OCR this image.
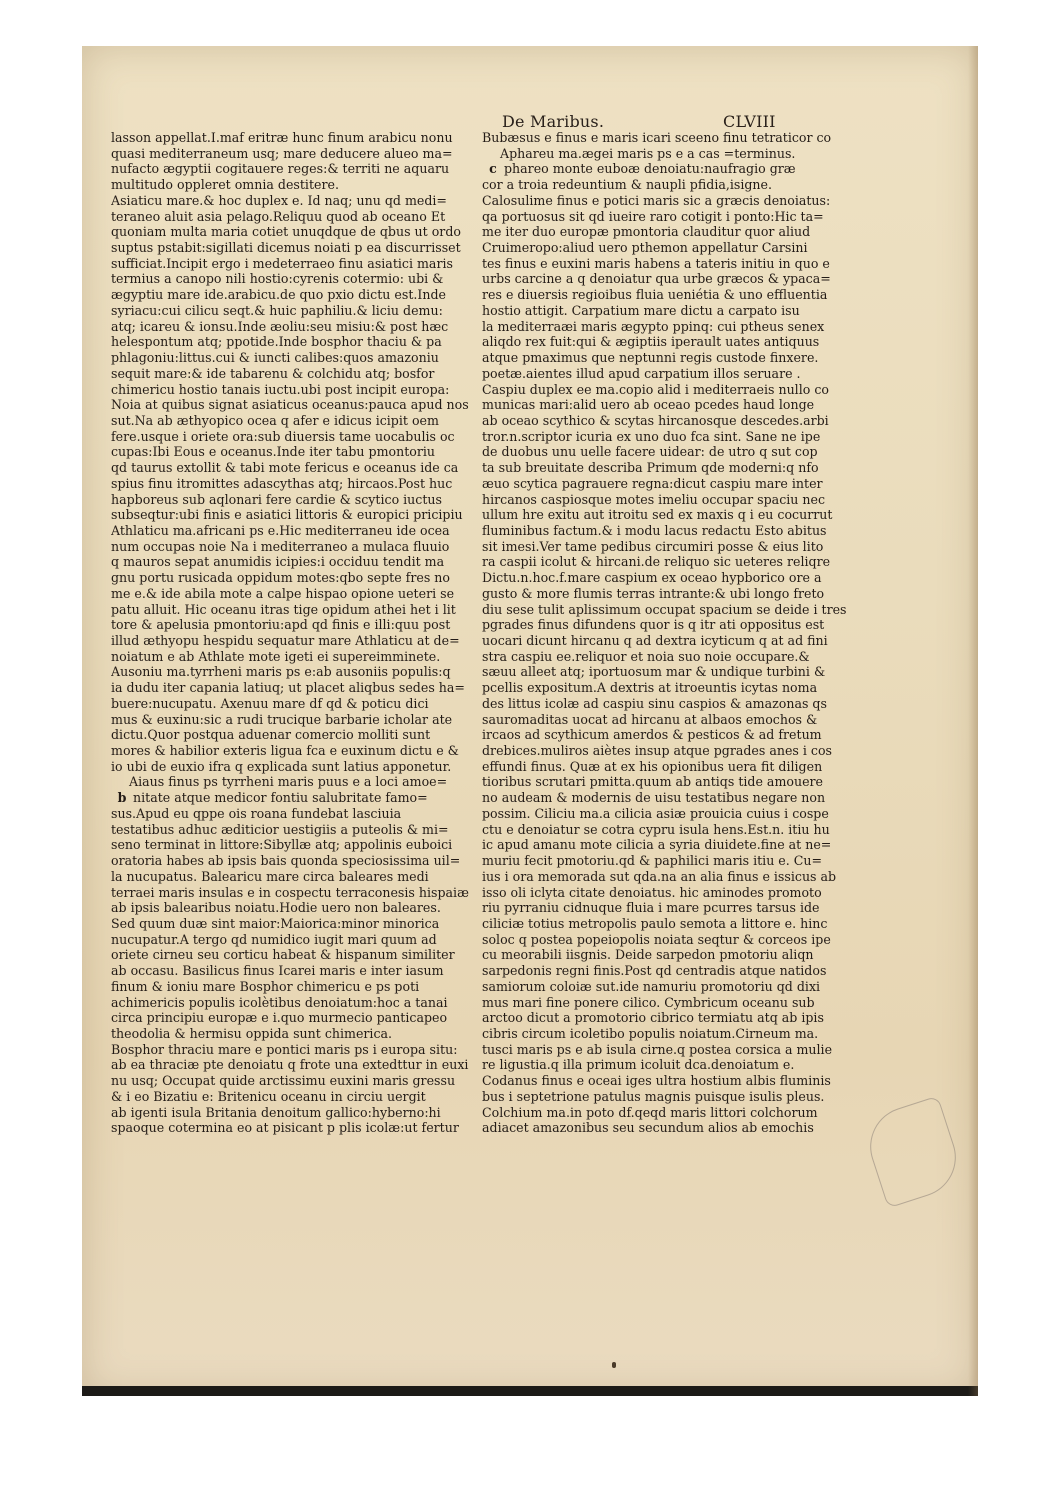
De Maribus.	CLVIII
lasson appellat.I.maf eritræ hunc finum arabicu nonu
quasi mediterraneum usq; mare deducere alueo ma=
nufacto ægyptii cogitauere reges:& territi ne aquaru
multitudo oppleret omnia destitere.
Asiaticu mare.& hoc duplex e. Id naq; unu qd medi=
teraneo aluit asia pelago.Reliquu quod ab oceano Et
quoniam multa maria cotiet unuqdque de qbus ut ordo
suptus pstabit:sigillati dicemus noiati p ea discurrisset
sufficiat.Incipit ergo i medeterraeo finu asiatici maris
termius a canopo nili hostio:cyrenis cotermio: ubi &
ægyptiu mare ide.arabicu.de quo pxio dictu est.Inde
syriacu:cui cilicu seqt.& huic paphiliu.& liciu demu:
atq; icareu & ionsu.Inde æoliu:seu misiu:& post hæc
helespontum atq; ppotide.Inde bosphor thaciu & pa
phlagoniu:littus.cui & iuncti calibes:quos amazoniu
sequit mare:& ide tabarenu & colchidu atq; bosfor
chimericu hostio tanais iuctu.ubi post incipit europa:
Noia at quibus signat asiaticus oceanus:pauca apud nos
sut.Na ab æthyopico ocea q afer e idicus icipit oem
fere.usque i oriete ora:sub diuersis tame uocabulis oc
cupas:Ibi Eous e oceanus.Inde iter tabu pmontoriu
qd taurus extollit & tabi mote fericus e oceanus ide ca
spius finu itromittes adascythas atq; hircaos.Post huc
hapboreus sub aqlonari fere cardie & scytico iuctus
subseqtur:ubi finis e asiatici littoris & europici pricipiu
Athlaticu ma.africani ps e.Hic mediterraneu ide ocea
num occupas noie Na i mediterraneo a mulaca fluuio
q mauros sepat anumidis icipies:i occiduu tendit ma
gnu portu rusicada oppidum motes:qbo septe fres no
me e.& ide abila mote a calpe hispao opione ueteri se
patu alluit. Hic oceanu itras tige opidum athei het i lit
tore & apelusia pmontoriu:apd qd finis e illi:quu post
illud æthyopu hespidu sequatur mare Athlaticu at de=
noiatum e ab Athlate mote igeti ei supereimminete.
Ausoniu ma.tyrrheni maris ps e:ab ausoniis populis:q
ia dudu iter capania latiuq; ut placet aliqbus sedes ha=
buere:nucupatu. Axenuu mare df qd & poticu dici
mus & euxinu:sic a rudi trucique barbarie icholar ate
dictu.Quor postqua aduenar comercio molliti sunt
mores & habilior exteris ligua fca e euxinum dictu e &
io ubi de euxio ifra q explicada sunt latius apponetur.
Aiaus finus ps tyrrheni maris puus e a loci amoe=
b nitate atque medicor fontiu salubritate famo=
sus.Apud eu qppe ois roana fundebat lasciuia
testatibus adhuc æditicior uestigiis a puteolis & mi=
seno terminat in littore:Sibyllæ atq; appolinis euboici
oratoria habes ab ipsis bais quonda speciosissima uil=
la nucupatus. Balearicu mare circa baleares medi
terraei maris insulas e in cospectu terraconesis hispaiæ
ab ipsis balearibus noiatu.Hodie uero non baleares.
Sed quum duæ sint maior:Maiorica:minor minorica
nucupatur.A tergo qd numidico iugit mari quum ad
oriete cirneu seu corticu habeat & hispanum similiter
ab occasu. Basilicus finus Icarei maris e inter iasum
finum & ioniu mare Bosphor chimericu e ps poti
achimericis populis icolètibus denoiatum:hoc a tanai
circa principiu europæ e i.quo murmecio panticapeo
theodolia & hermisu oppida sunt chimerica.
Bosphor thraciu mare e pontici maris ps i europa situ:
ab ea thraciæ pte denoiatu q frote una extedttur in euxi
nu usq; Occupat quide arctissimu euxini maris gressu
& i eo Bizatiu e: Britenicu oceanu in circiu uergit
ab igenti isula Britania denoitum gallico:hyberno:hi
spaoque cotermina eo at pisicant p plis icolæ:ut fertur
Bubæsus e finus e maris icari sceeno finu tetraticor co
Aphareu ma.ægei maris ps e a cas =terminus.
c phareo monte euboæ denoiatu:naufragio græ
cor a troia redeuntium & naupli pfidia,isigne.
Calosulime finus e potici maris sic a græcis denoiatus:
qa portuosus sit qd iueire raro cotigit i ponto:Hic ta=
me iter duo europæ pmontoria clauditur quor aliud
Cruimeropo:aliud uero pthemon appellatur Carsini
tes finus e euxini maris habens a tateris initiu in quo e
urbs carcine a q denoiatur qua urbe græcos & ypaca=
res e diuersis regioibus fluia ueniétia & uno effluentia
hostio attigit. Carpatium mare dictu a carpato isu
la mediterraæi maris ægypto ppinq: cui ptheus senex
aliqdo rex fuit:qui & ægiptiis iperault uates antiquus
atque pmaximus que neptunni regis custode finxere.
poetæ.aientes illud apud carpatium illos seruare .
Caspiu duplex ee ma.copio alid i mediterraeis nullo co
municas mari:alid uero ab oceao pcedes haud longe
ab oceao scythico & scytas hircanosque descedes.arbi
tror.n.scriptor icuria ex uno duo fca sint. Sane ne ipe
de duobus unu uelle facere uidear: de utro q sut cop
ta sub breuitate describa Primum qde moderni:q nfo
æuo scytica pagrauere regna:dicut caspiu mare inter
hircanos caspiosque motes imeliu occupar spaciu nec
ullum hre exitu aut itroitu sed ex maxis q i eu cocurrut
fluminibus factum.& i modu lacus redactu Esto abitus
sit imesi.Ver tame pedibus circumiri posse & eius lito
ra caspii icolut & hircani.de reliquo sic ueteres reliqre
Dictu.n.hoc.f.mare caspium ex oceao hypborico ore a
gusto & more flumis terras intrante:& ubi longo freto
diu sese tulit aplissimum occupat spacium se deide i tres
pgrades finus difundens quor is q itr ati oppositus est
uocari dicunt hircanu q ad dextra icyticum q at ad fini
stra caspiu ee.reliquor et noia suo noie occupare.&
sæuu alleet atq; iportuosum mar & undique turbini &
pcellis expositum.A dextris at itroeuntis icytas noma
des littus icolæ ad caspiu sinu caspios & amazonas qs
sauromaditas uocat ad hircanu at albaos emochos &
ircaos ad scythicum amerdos & pesticos & ad fretum
drebices.muliros aiètes insup atque pgrades anes i cos
effundi finus. Quæ at ex his opionibus uera fit diligen
tioribus scrutari pmitta.quum ab antiqs tide amouere
no audeam & modernis de uisu testatibus negare non
possim. Ciliciu ma.a cilicia asiæ prouicia cuius i cospe
ctu e denoiatur se cotra cypru isula hens.Est.n. itiu hu
ic apud amanu mote cilicia a syria diuidete.fine at ne=
muriu fecit pmotoriu.qd & paphilici maris itiu e. Cu=
ius i ora memorada sut qda.na an alia finus e issicus ab
isso oli iclyta citate denoiatus. hic aminodes promoto
riu pyrraniu cidnuque fluia i mare pcurres tarsus ide
ciliciæ totius metropolis paulo semota a littore e. hinc
soloc q postea popeiopolis noiata seqtur & corceos ipe
cu meorabili iisgnis. Deide sarpedon pmotoriu aliqn
sarpedonis regni finis.Post qd centradis atque natidos
samiorum coloiæ sut.ide namuriu promotoriu qd dixi
mus mari fine ponere cilico. Cymbricum oceanu sub
arctoo dicut a promotorio cibrico termiatu atq ab ipis
cibris circum icoletibo populis noiatum.Cirneum ma.
tusci maris ps e ab isula cirne.q postea corsica a mulie
re ligustia.q illa primum icoluit dca.denoiatum e.
Codanus finus e oceai iges ultra hostium albis fluminis
bus i septetrione patulus magnis puisque isulis pleus.
Colchium ma.in poto df.qeqd maris littori colchorum
adiacet amazonibus seu secundum alios ab emochis
